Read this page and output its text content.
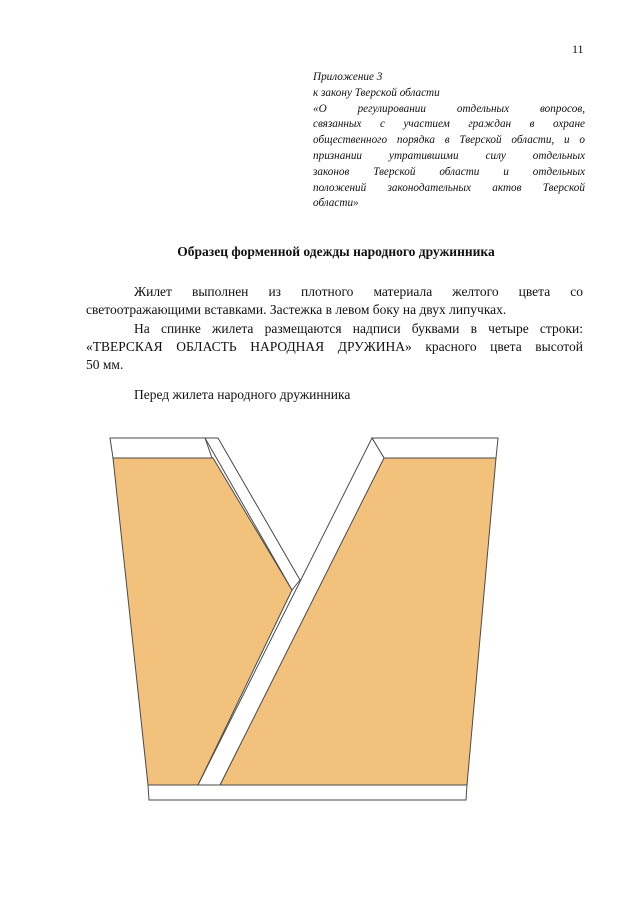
11
Приложение 3
к закону Тверской области
«О регулировании отдельных вопросов,
связанных с участием граждан в охране
общественного порядка в Тверской области, и о
признании утратившими силу отдельных
законов Тверской области и отдельных
положений законодательных актов Тверской
области»
Образец форменной одежды народного дружинника
Жилет выполнен из плотного материала желтого цвета со
светоотражающими вставками. Застежка в левом боку на двух липучках.
На спинке жилета размещаются надписи буквами в четыре строки:
«ТВЕРСКАЯ ОБЛАСТЬ НАРОДНАЯ ДРУЖИНА» красного цвета высотой
50 мм.
Перед жилета народного дружинника
